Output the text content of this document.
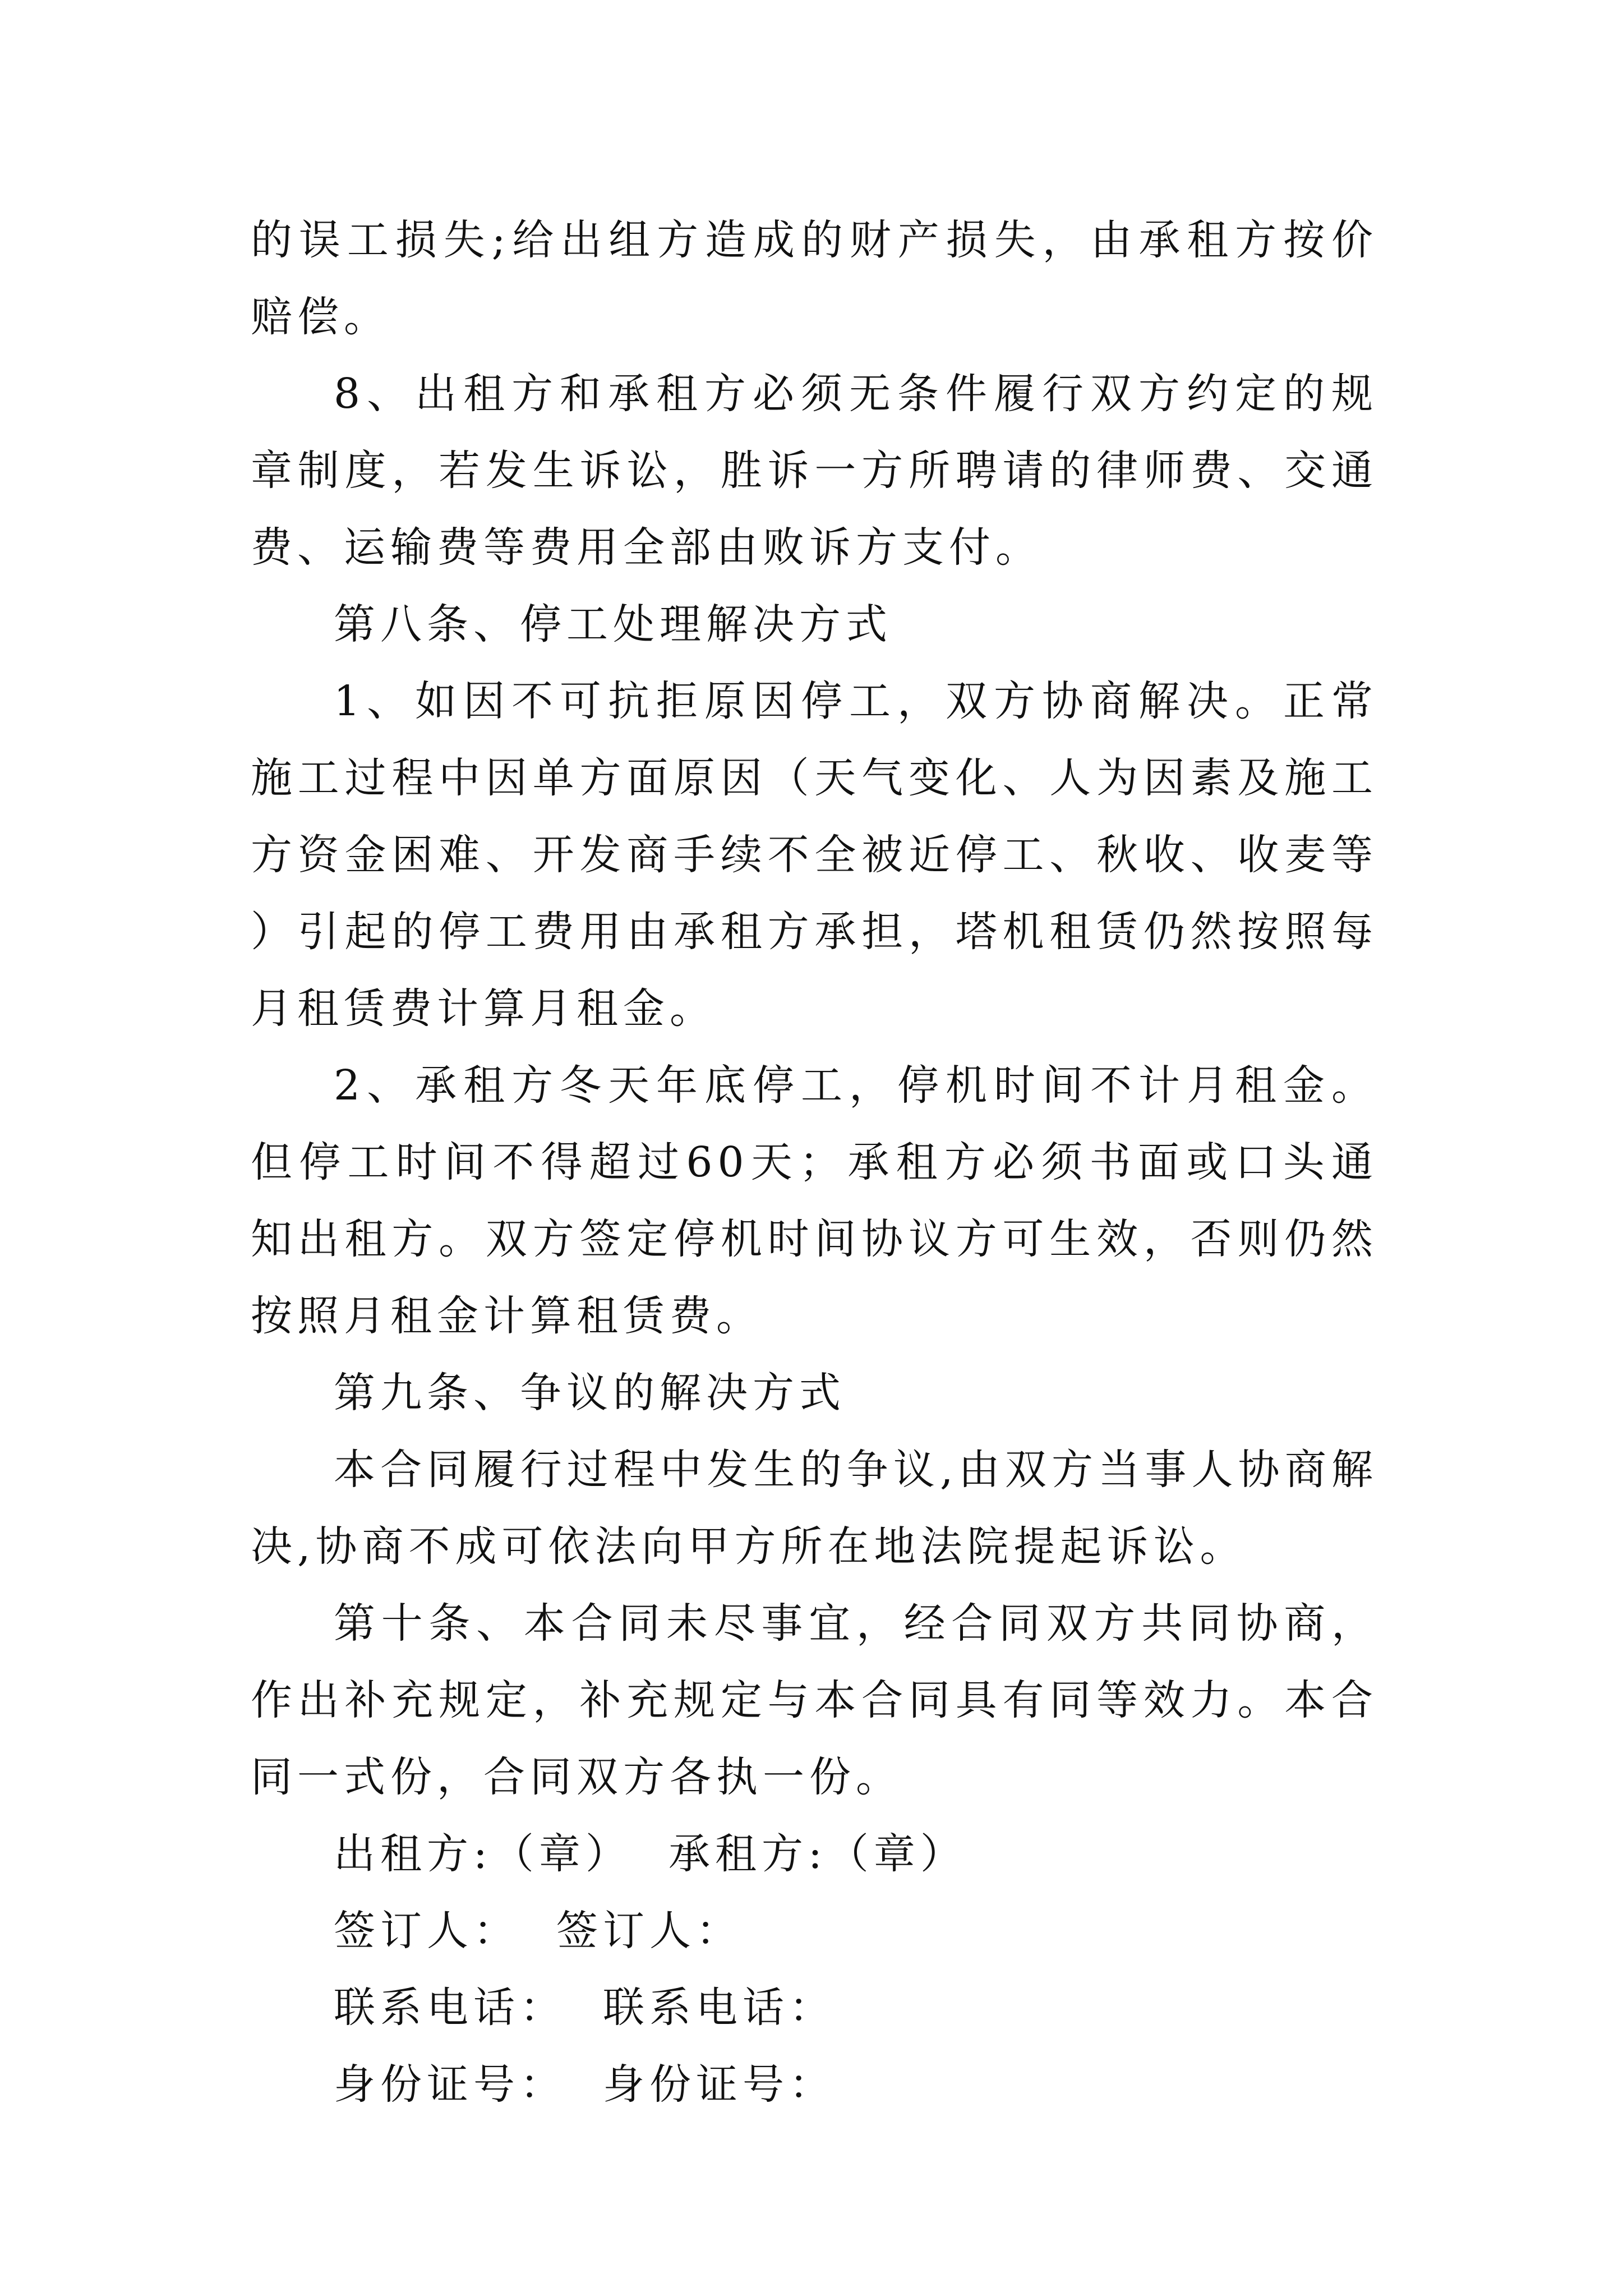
的误工损失;给出组方造成的财产损失，由承租方按价赔偿。

8、出租方和承租方必须无条件履行双方约定的规章制度，若发生诉讼，胜诉一方所聘请的律师费、交通费、运输费等费用全部由败诉方支付。

第八条、停工处理解决方式

1、如因不可抗拒原因停工，双方协商解决。正常施工过程中因单方面原因（天气变化、人为因素及施工方资金困难、开发商手续不全被近停工、秋收、收麦等）引起的停工费用由承租方承担，塔机租赁仍然按照每月租赁费计算月租金。

2、承租方冬天年底停工，停机时间不计月租金。但停工时间不得超过60天；承租方必须书面或口头通知出租方。双方签定停机时间协议方可生效，否则仍然按照月租金计算租赁费。

第九条、争议的解决方式

本合同履行过程中发生的争议,由双方当事人协商解决,协商不成可依法向甲方所在地法院提起诉讼。

第十条、本合同未尽事宜，经合同双方共同协商，作出补充规定，补充规定与本合同具有同等效力。本合同一式份，合同双方各执一份。

出租方:（章）  承租方:（章）

签订人：  签订人：

联系电话：  联系电话：

身份证号：  身份证号：
